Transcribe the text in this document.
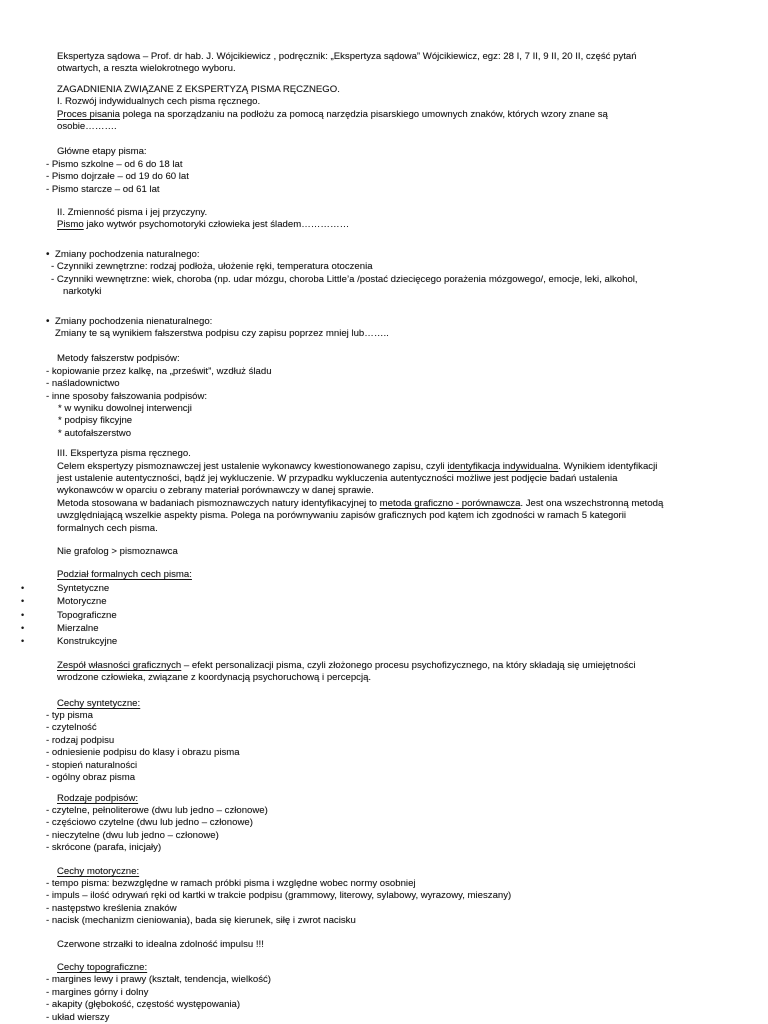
Ekspertyza sądowa – Prof. dr hab. J. Wójcikiewicz , podręcznik: „Ekspertyza sądowa” Wójcikiewicz, egz: 28 I, 7 II, 9 II, 20 II, część pytań
otwartych, a reszta wielokrotnego wyboru.
ZAGADNIENIA ZWIĄZANE Z EKSPERTYZĄ PISMA RĘCZNEGO.
I. Rozwój indywidualnych cech pisma ręcznego.
Proces pisania polega na sporządzaniu na podłożu za pomocą narzędzia pisarskiego umownych znaków, których wzory znane są
osobie……….
Główne etapy pisma:
- Pismo szkolne – od 6 do 18 lat
- Pismo dojrzałe – od 19 do 60 lat
- Pismo starcze – od 61 lat
II. Zmienność pisma i jej przyczyny.
Pismo jako wytwór psychomotoryki człowieka jest śladem……………
• Zmiany pochodzenia naturalnego:
- Czynniki zewnętrzne: rodzaj podłoża, ułożenie ręki, temperatura otoczenia
- Czynniki wewnętrzne: wiek, choroba (np. udar mózgu, choroba Little’a /postać dziecięcego porażenia mózgowego/, emocje, leki, alkohol,
narkotyki
• Zmiany pochodzenia nienaturalnego:
Zmiany te są wynikiem fałszerstwa podpisu czy zapisu poprzez mniej lub……..
Metody fałszerstw podpisów:
- kopiowanie przez kalkę, na „prześwit”, wzdłuż śladu
- naśladownictwo
- inne sposoby fałszowania podpisów:
* w wyniku dowolnej interwencji
* podpisy fikcyjne
* autofałszerstwo
III. Ekspertyza pisma ręcznego.
Celem ekspertyzy pismoznawczej jest ustalenie wykonawcy kwestionowanego zapisu, czyli identyfikacja indywidualna. Wynikiem identyfikacji
jest ustalenie autentyczności, bądź jej wykluczenie. W przypadku wykluczenia autentyczności możliwe jest podjęcie badań ustalenia
wykonawców w oparciu o zebrany materiał porównawczy w danej sprawie.
Metoda stosowana w badaniach pismoznawczych natury identyfikacyjnej to metoda graficzno - porównawcza. Jest ona wszechstronną metodą
uwzględniającą wszelkie aspekty pisma. Polega na porównywaniu zapisów graficznych pod kątem ich zgodności w ramach 5 kategorii
formalnych cech pisma.
Nie grafolog > pismoznawca
Podział formalnych cech pisma:
•	Syntetyczne
•	Motoryczne
•	Topograficzne
•	Mierzalne
•	Konstrukcyjne
Zespół własności graficznych – efekt personalizacji pisma, czyli złożonego procesu psychofizycznego, na który składają się umiejętności
wrodzone człowieka, związane z koordynacją psychoruchową i percepcją.
Cechy syntetyczne:
- typ pisma
- czytelność
- rodzaj podpisu
- odniesienie podpisu do klasy i obrazu pisma
- stopień naturalności
- ogólny obraz pisma
Rodzaje podpisów:
- czytelne, pełnoliterowe (dwu lub jedno – członowe)
- częściowo czytelne (dwu lub jedno – członowe)
- nieczytelne (dwu lub jedno – członowe)
- skrócone (parafa, inicjały)
Cechy motoryczne:
- tempo pisma: bezwzględne w ramach próbki pisma i względne wobec normy osobniej
- impuls – ilość odrywań ręki od kartki w trakcie podpisu (grammowy, literowy, sylabowy, wyrazowy, mieszany)
- następstwo kreślenia znaków
- nacisk (mechanizm cieniowania), bada się kierunek, siłę i zwrot nacisku
Czerwone strzałki to idealna zdolność impulsu !!!
Cechy topograficzne:
- margines lewy i prawy (kształt, tendencja, wielkość)
- margines górny i dolny
- akapity (głębokość, częstość występowania)
- układ wierszy
